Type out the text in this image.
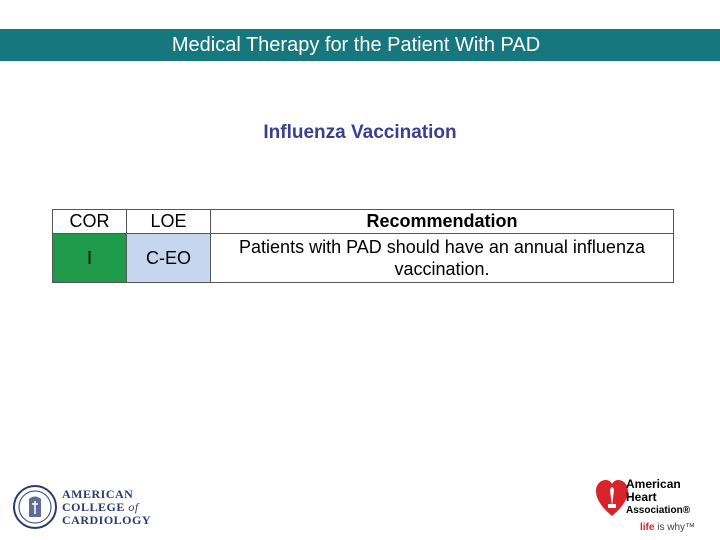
Medical Therapy for the Patient With PAD
Influenza Vaccination
COR	LOE	Recommendation
I	C-EO	Patients with PAD should have an annual influenza vaccination.
AMERICAN
COLLEGE of
CARDIOLOGY
American
Heart
Association®
life is why™
